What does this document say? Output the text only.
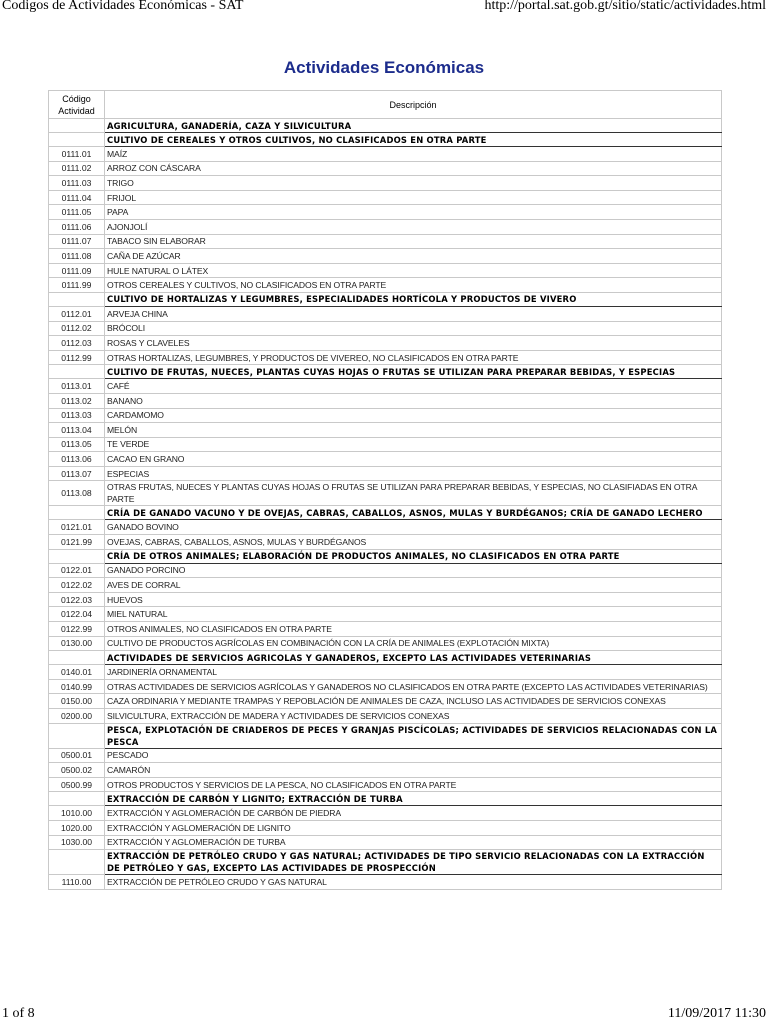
Codigos de Actividades Económicas - SAT	http://portal.sat.gob.gt/sitio/static/actividades.html
Actividades Económicas
Código Actividad	Descripción
	AGRICULTURA, GANADERÍA, CAZA Y SILVICULTURA
	CULTIVO DE CEREALES Y OTROS CULTIVOS, NO CLASIFICADOS EN OTRA PARTE
0111.01	MAÍZ
0111.02	ARROZ CON CÁSCARA
0111.03	TRIGO
0111.04	FRIJOL
0111.05	PAPA
0111.06	AJONJOLÍ
0111.07	TABACO SIN ELABORAR
0111.08	CAÑA DE AZÚCAR
0111.09	HULE NATURAL O LÁTEX
0111.99	OTROS CEREALES Y CULTIVOS, NO CLASIFICADOS EN OTRA PARTE
	CULTIVO DE HORTALIZAS Y LEGUMBRES, ESPECIALIDADES HORTÍCOLA Y PRODUCTOS DE VIVERO
0112.01	ARVEJA CHINA
0112.02	BRÓCOLI
0112.03	ROSAS Y CLAVELES
0112.99	OTRAS HORTALIZAS, LEGUMBRES, Y PRODUCTOS DE VIVEREO, NO CLASIFICADOS EN OTRA PARTE
	CULTIVO DE FRUTAS, NUECES, PLANTAS CUYAS HOJAS O FRUTAS SE UTILIZAN PARA PREPARAR BEBIDAS, Y ESPECIAS
0113.01	CAFÉ
0113.02	BANANO
0113.03	CARDAMOMO
0113.04	MELÓN
0113.05	TE VERDE
0113.06	CACAO EN GRANO
0113.07	ESPECIAS
0113.08	OTRAS FRUTAS, NUECES Y PLANTAS CUYAS HOJAS O FRUTAS SE UTILIZAN PARA PREPARAR BEBIDAS, Y ESPECIAS, NO CLASIFIADAS EN OTRA PARTE
	CRÍA DE GANADO VACUNO Y DE OVEJAS, CABRAS, CABALLOS, ASNOS, MULAS Y BURDÉGANOS; CRÍA DE GANADO LECHERO
0121.01	GANADO BOVINO
0121.99	OVEJAS, CABRAS, CABALLOS, ASNOS, MULAS Y BURDÉGANOS
	CRÍA DE OTROS ANIMALES; ELABORACIÓN DE PRODUCTOS ANIMALES, NO CLASIFICADOS EN OTRA PARTE
0122.01	GANADO PORCINO
0122.02	AVES DE CORRAL
0122.03	HUEVOS
0122.04	MIEL NATURAL
0122.99	OTROS ANIMALES, NO CLASIFICADOS EN OTRA PARTE
0130.00	CULTIVO DE PRODUCTOS AGRÍCOLAS EN COMBINACIÓN CON LA CRÍA DE ANIMALES (EXPLOTACIÓN MIXTA)
	ACTIVIDADES DE SERVICIOS AGRICOLAS Y GANADEROS, EXCEPTO LAS ACTIVIDADES VETERINARIAS
0140.01	JARDINERÍA ORNAMENTAL
0140.99	OTRAS ACTIVIDADES DE SERVICIOS AGRÍCOLAS Y GANADEROS NO CLASIFICADOS EN OTRA PARTE (EXCEPTO LAS ACTIVIDADES VETERINARIAS)
0150.00	CAZA ORDINARIA Y MEDIANTE TRAMPAS Y REPOBLACIÓN DE ANIMALES DE CAZA, INCLUSO LAS ACTIVIDADES DE SERVICIOS CONEXAS
0200.00	SILVICULTURA, EXTRACCIÓN DE MADERA Y ACTIVIDADES DE SERVICIOS CONEXAS
	PESCA, EXPLOTACIÓN DE CRIADEROS DE PECES Y GRANJAS PISCÍCOLAS; ACTIVIDADES DE SERVICIOS RELACIONADAS CON LA PESCA
0500.01	PESCADO
0500.02	CAMARÓN
0500.99	OTROS PRODUCTOS Y SERVICIOS DE LA PESCA, NO CLASIFICADOS EN OTRA PARTE
	EXTRACCIÓN DE CARBÓN Y LIGNITO; EXTRACCIÓN DE TURBA
1010.00	EXTRACCIÓN Y AGLOMERACIÓN DE CARBÓN DE PIEDRA
1020.00	EXTRACCIÓN Y AGLOMERACIÓN DE LIGNITO
1030.00	EXTRACCIÓN Y AGLOMERACIÓN DE TURBA
	EXTRACCIÓN DE PETRÓLEO CRUDO Y GAS NATURAL; ACTIVIDADES DE TIPO SERVICIO RELACIONADAS CON LA EXTRACCIÓN DE PETRÓLEO Y GAS, EXCEPTO LAS ACTIVIDADES DE PROSPECCIÓN
1110.00	EXTRACCIÓN DE PETRÓLEO CRUDO Y GAS NATURAL
1 of 8	11/09/2017 11:30
